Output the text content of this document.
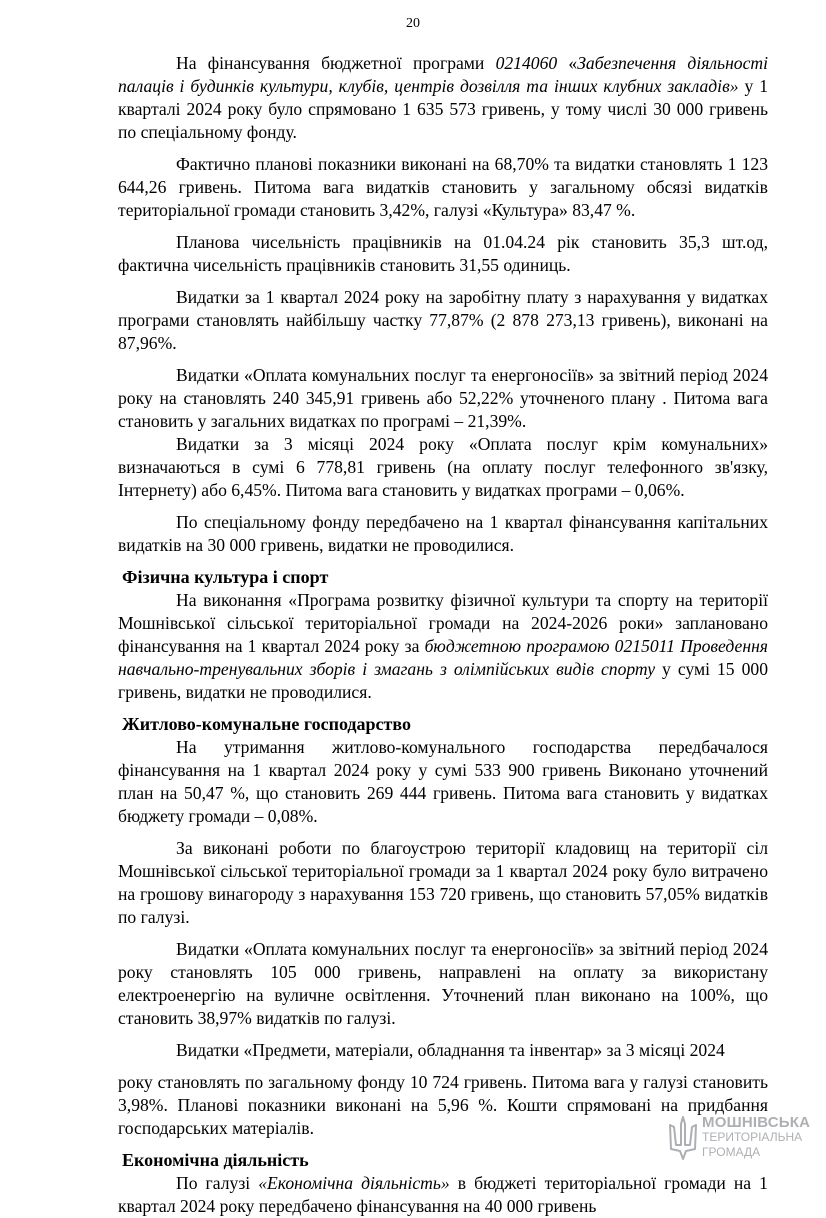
20

На фінансування бюджетної програми 0214060 «Забезпечення діяльності палаців і будинків культури, клубів, центрів дозвілля та інших клубних закладів» у 1 кварталі 2024 року було спрямовано 1 635 573 гривень, у тому числі 30 000 гривень по спеціальному фонду.

Фактично планові показники виконані на 68,70% та видатки становлять 1 123 644,26 гривень. Питома вага видатків становить у загальному обсязі видатків територіальної громади становить 3,42%, галузі «Культура» 83,47 %.

Планова чисельність працівників на 01.04.24 рік становить 35,3 шт.од, фактична чисельність працівників становить 31,55 одиниць.

Видатки за 1 квартал 2024 року на заробітну плату з нарахування у видатках програми становлять найбільшу частку 77,87% (2 878 273,13 гривень), виконані на 87,96%.

Видатки «Оплата комунальних послуг та енергоносіїв» за звітний період 2024 року на становлять 240 345,91 гривень або 52,22% уточненого плану . Питома вага становить у загальних видатках по програмі – 21,39%.

Видатки за 3 місяці 2024 року «Оплата послуг крім комунальних» визначаються в сумі 6 778,81 гривень (на оплату послуг телефонного зв'язку, Інтернету) або 6,45%. Питома вага становить у видатках програми – 0,06%.

По спеціальному фонду передбачено на 1 квартал фінансування капітальних видатків на 30 000 гривень, видатки не проводилися.

Фізична культура і спорт

На виконання «Програма розвитку фізичної культури та спорту на території Мошнівської сільської територіальної громади на 2024-2026 роки» заплановано фінансування на 1 квартал 2024 року за бюджетною програмою 0215011 Проведення навчально-тренувальних зборів і змагань з олімпійських видів спорту у сумі 15 000 гривень, видатки не проводилися.

Житлово-комунальне господарство

На утримання житлово-комунального господарства передбачалося фінансування на 1 квартал 2024 року у сумі 533 900 гривень Виконано уточнений план на 50,47 %, що становить 269 444 гривень. Питома вага становить у видатках бюджету громади – 0,08%.

За виконані роботи по благоустрою території кладовищ на території сіл Мошнівської сільської територіальної громади за 1 квартал 2024 року було витрачено на грошову винагороду з нарахування 153 720 гривень, що становить 57,05% видатків по галузі.

Видатки «Оплата комунальних послуг та енергоносіїв» за звітний період 2024 року становлять 105 000 гривень, направлені на оплату за використану електроенергію на вуличне освітлення. Уточнений план виконано на 100%, що становить 38,97% видатків по галузі.

Видатки «Предмети, матеріали, обладнання та інвентар» за 3 місяці 2024

року становлять по загальному фонду 10 724 гривень. Питома вага у галузі становить 3,98%. Планові показники виконані на 5,96 %. Кошти спрямовані на придбання господарських матеріалів.

Економічна діяльність

По галузі «Економічна діяльність» в бюджеті територіальної громади на 1 квартал 2024 року передбачено фінансування на 40 000 гривень

МОШНІВСЬКА
ТЕРИТОРІАЛЬНА
ГРОМАДА
